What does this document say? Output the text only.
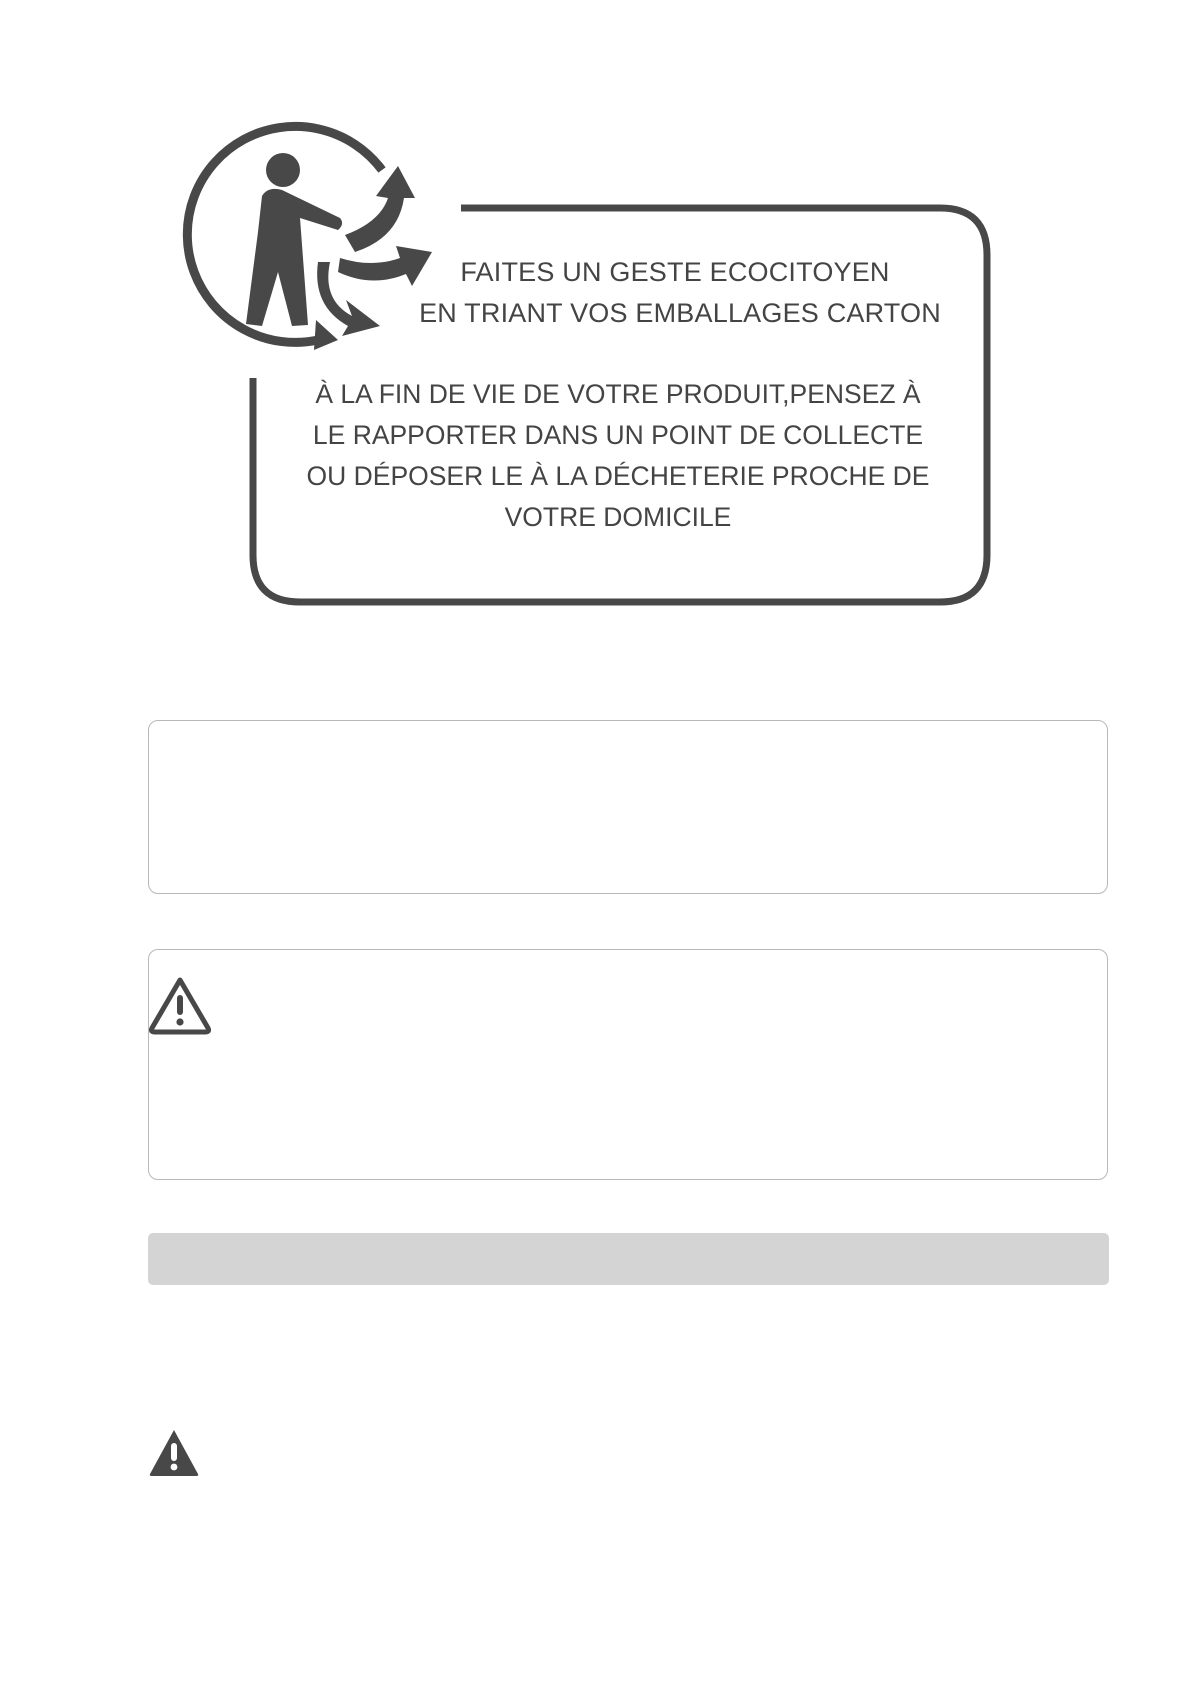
FAITES UN GESTE ECOCITOYEN
EN TRIANT VOS EMBALLAGES CARTON
À LA FIN DE VIE DE VOTRE PRODUIT,PENSEZ À
LE RAPPORTER DANS UN POINT DE COLLECTE
OU DÉPOSER LE À LA DÉCHETERIE PROCHE DE
VOTRE DOMICILE
